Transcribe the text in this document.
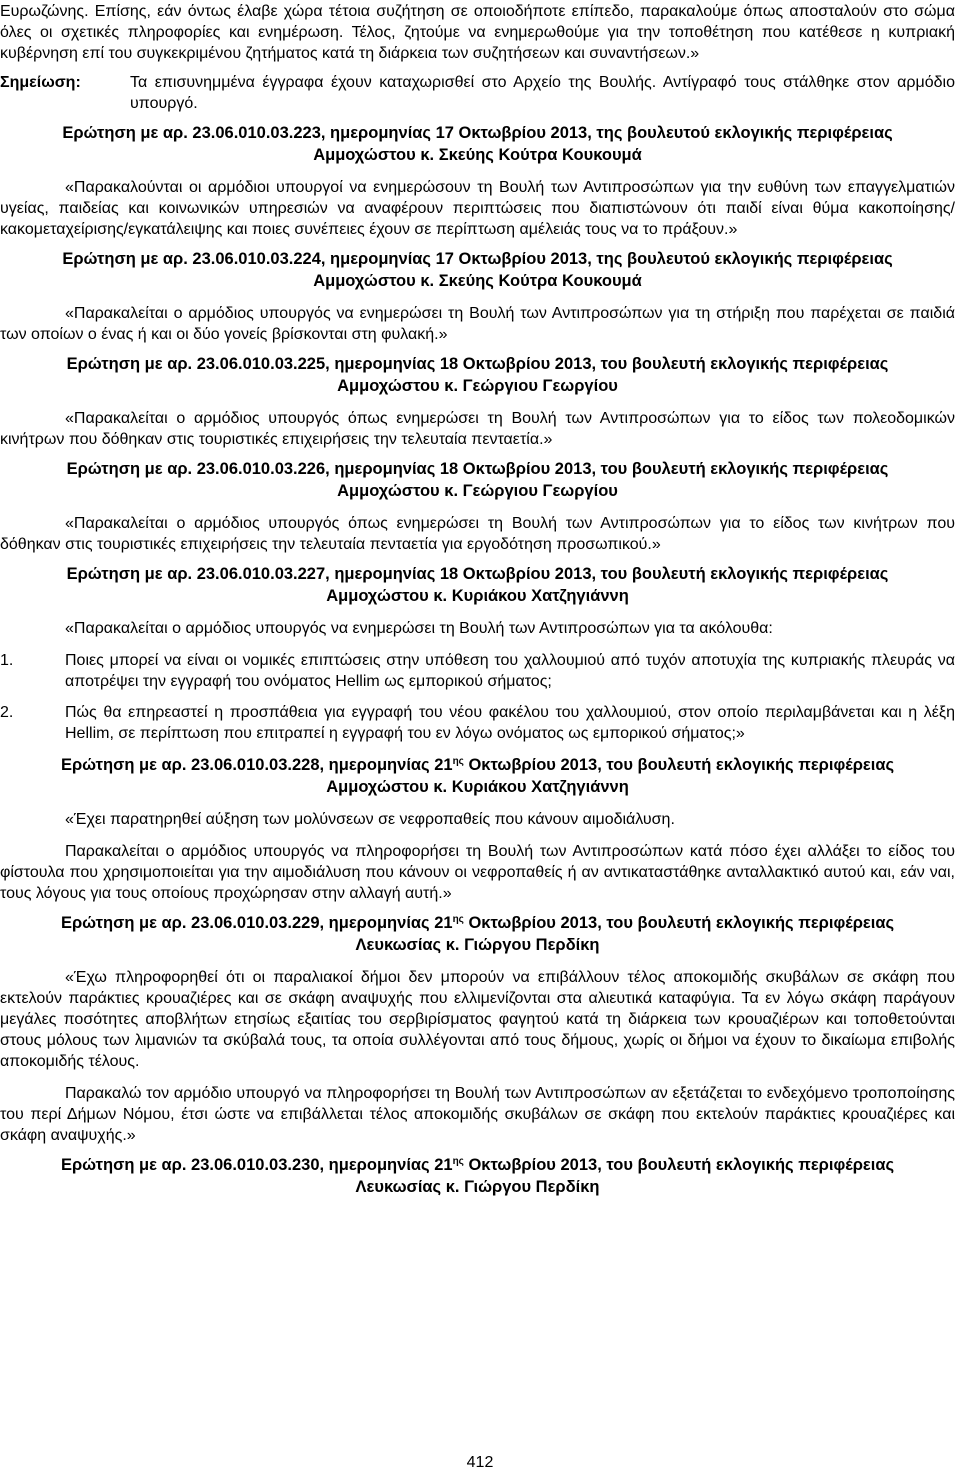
Ευρωζώνης. Επίσης, εάν όντως έλαβε χώρα τέτοια συζήτηση σε οποιοδήποτε επίπεδο, παρακαλούμε όπως αποσταλούν στο σώμα όλες οι σχετικές πληροφορίες και ενημέρωση. Τέλος, ζητούμε να ενημερωθούμε για την τοποθέτηση που κατέθεσε η κυπριακή κυβέρνηση επί του συγκεκριμένου ζητήματος κατά τη διάρκεια των συζητήσεων και συναντήσεων.»

Σημείωση:	Τα επισυνημμένα έγγραφα έχουν καταχωρισθεί στο Αρχείο της Βουλής. Αντίγραφό τους στάλθηκε στον αρμόδιο υπουργό.
Ερώτηση με αρ. 23.06.010.03.223, ημερομηνίας 17 Οκτωβρίου 2013, της βουλευτού εκλογικής περιφέρειας Αμμοχώστου κ. Σκεύης Κούτρα Κουκουμά

«Παρακαλούνται οι αρμόδιοι υπουργοί να ενημερώσουν τη Βουλή των Αντιπροσώπων για την ευθύνη των επαγγελματιών υγείας, παιδείας και κοινωνικών υπηρεσιών να αναφέρουν περιπτώσεις που διαπιστώνουν ότι παιδί είναι θύμα κακοποίησης/κακομεταχείρισης/εγκατάλειψης και ποιες συνέπειες έχουν σε περίπτωση αμέλειάς τους να το πράξουν.»

Ερώτηση με αρ. 23.06.010.03.224, ημερομηνίας 17 Οκτωβρίου 2013, της βουλευτού εκλογικής περιφέρειας Αμμοχώστου κ. Σκεύης Κούτρα Κουκουμά

«Παρακαλείται ο αρμόδιος υπουργός να ενημερώσει τη Βουλή των Αντιπροσώπων για τη στήριξη που παρέχεται σε παιδιά των οποίων ο ένας ή και οι δύο γονείς βρίσκονται στη φυλακή.»

Ερώτηση με αρ. 23.06.010.03.225, ημερομηνίας 18 Οκτωβρίου 2013, του βουλευτή εκλογικής περιφέρειας Αμμοχώστου κ. Γεώργιου Γεωργίου

«Παρακαλείται ο αρμόδιος υπουργός όπως ενημερώσει τη Βουλή των Αντιπροσώπων για το είδος των πολεοδομικών κινήτρων που δόθηκαν στις τουριστικές επιχειρήσεις την τελευταία πενταετία.»

Ερώτηση με αρ. 23.06.010.03.226, ημερομηνίας 18 Οκτωβρίου 2013, του βουλευτή εκλογικής περιφέρειας Αμμοχώστου κ. Γεώργιου Γεωργίου

«Παρακαλείται ο αρμόδιος υπουργός όπως ενημερώσει τη Βουλή των Αντιπροσώπων για το είδος των κινήτρων που δόθηκαν στις τουριστικές επιχειρήσεις την τελευταία πενταετία για εργοδότηση προσωπικού.»

Ερώτηση με αρ. 23.06.010.03.227, ημερομηνίας 18 Οκτωβρίου 2013, του βουλευτή εκλογικής περιφέρειας Αμμοχώστου κ. Κυριάκου Χατζηγιάννη

«Παρακαλείται ο αρμόδιος υπουργός να ενημερώσει τη Βουλή των Αντιπροσώπων για τα ακόλουθα:

1.	Ποιες μπορεί να είναι οι νομικές επιπτώσεις στην υπόθεση του χαλλουμιού από τυχόν αποτυχία της κυπριακής πλευράς να αποτρέψει την εγγραφή του ονόματος Hellim ως εμπορικού σήματος;
2.	Πώς θα επηρεαστεί η προσπάθεια για εγγραφή του νέου φακέλου του χαλλουμιού, στον οποίο περιλαμβάνεται και η λέξη Hellim, σε περίπτωση που επιτραπεί η εγγραφή του εν λόγω ονόματος ως εμπορικού σήματος;»
Ερώτηση με αρ. 23.06.010.03.228, ημερομηνίας $21^{\eta\varsigma}$ Οκτωβρίου 2013, του βουλευτή εκλογικής περιφέρειας Αμμοχώστου κ. Κυριάκου Χατζηγιάννη

«Έχει παρατηρηθεί αύξηση των μολύνσεων σε νεφροπαθείς που κάνουν αιμοδιάλυση.

Παρακαλείται ο αρμόδιος υπουργός να πληροφορήσει τη Βουλή των Αντιπροσώπων κατά πόσο έχει αλλάξει το είδος του φίστουλα που χρησιμοποιείται για την αιμοδιάλυση που κάνουν οι νεφροπαθείς ή αν αντικαταστάθηκε ανταλλακτικό αυτού και, εάν ναι, τους λόγους για τους οποίους προχώρησαν στην αλλαγή αυτή.»

Ερώτηση με αρ. 23.06.010.03.229, ημερομηνίας $21^{\eta\varsigma}$ Οκτωβρίου 2013, του βουλευτή εκλογικής περιφέρειας Λευκωσίας κ. Γιώργου Περδίκη

«Έχω πληροφορηθεί ότι οι παραλιακοί δήμοι δεν μπορούν να επιβάλλουν τέλος αποκομιδής σκυβάλων σε σκάφη που εκτελούν παράκτιες κρουαζιέρες και σε σκάφη αναψυχής που ελλιμενίζονται στα αλιευτικά καταφύγια. Τα εν λόγω σκάφη παράγουν μεγάλες ποσότητες αποβλήτων ετησίως εξαιτίας του σερβιρίσματος φαγητού κατά τη διάρκεια των κρουαζιέρων και τοποθετούνται στους μόλους των λιμανιών τα σκύβαλά τους, τα οποία συλλέγονται από τους δήμους, χωρίς οι δήμοι να έχουν το δικαίωμα επιβολής αποκομιδής τέλους.

Παρακαλώ τον αρμόδιο υπουργό να πληροφορήσει τη Βουλή των Αντιπροσώπων αν εξετάζεται το ενδεχόμενο τροποποίησης του περί Δήμων Νόμου, έτσι ώστε να επιβάλλεται τέλος αποκομιδής σκυβάλων σε σκάφη που εκτελούν παράκτιες κρουαζιέρες και σκάφη αναψυχής.»

Ερώτηση με αρ. 23.06.010.03.230, ημερομηνίας $21^{\eta\varsigma}$ Οκτωβρίου 2013, του βουλευτή εκλογικής περιφέρειας Λευκωσίας κ. Γιώργου Περδίκη
412
